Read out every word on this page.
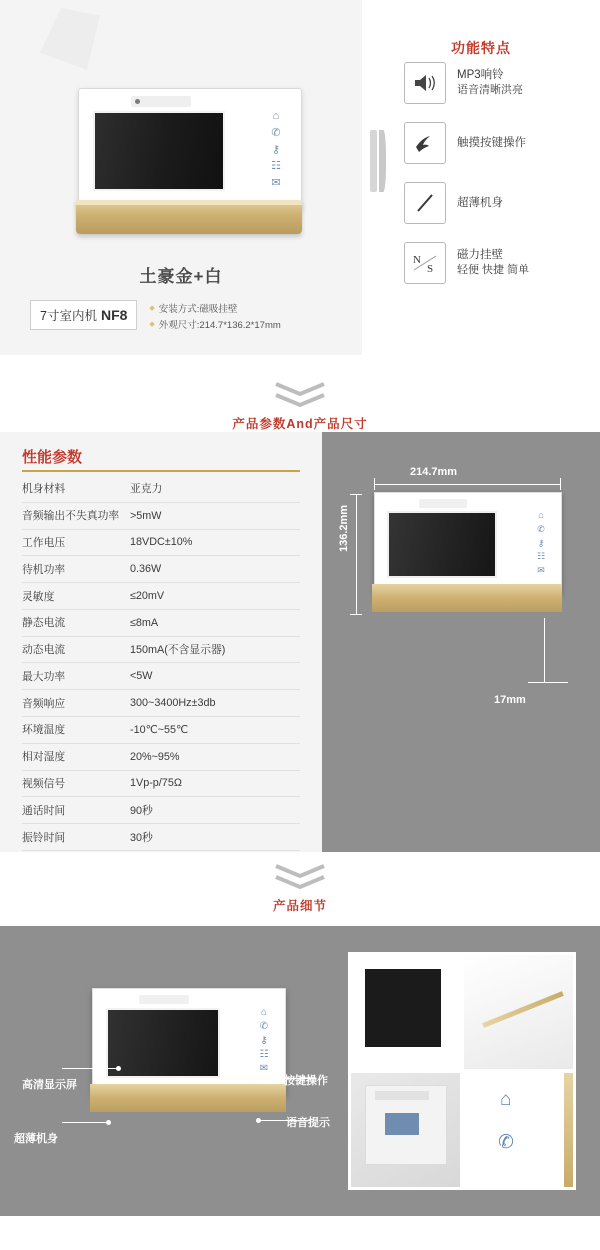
⌂
✆
⚷
☷
✉
土豪金+白
7寸室内机 NF8	◆ 安装方式:磁吸挂壁
◆ 外观尺寸:214.7*136.2*17mm
功能特点
MP3响铃
语音清晰洪亮
触摸按键操作
超薄机身
N
S
磁力挂壁
轻便 快捷 简单
产品参数And产品尺寸
性能参数
机身材料	亚克力
音频输出不失真功率	>5mW
工作电压	18VDC±10%
待机功率	0.36W
灵敏度	≤20mV
静态电流	≤8mA
动态电流	150mA(不含显示器)
最大功率	<5W
音频响应	300~3400Hz±3db
环境温度	-10℃~55℃
相对湿度	20%~95%
视频信号	1Vp-p/75Ω
通话时间	90秒
振铃时间	30秒

214.7mm
136.2mm
17mm
⌂
✆
⚷
☷
✉
产品细节
⌂
✆
⚷
☷
✉
高清显示屏
超薄机身
按键操作
语音提示
⌂
✆
